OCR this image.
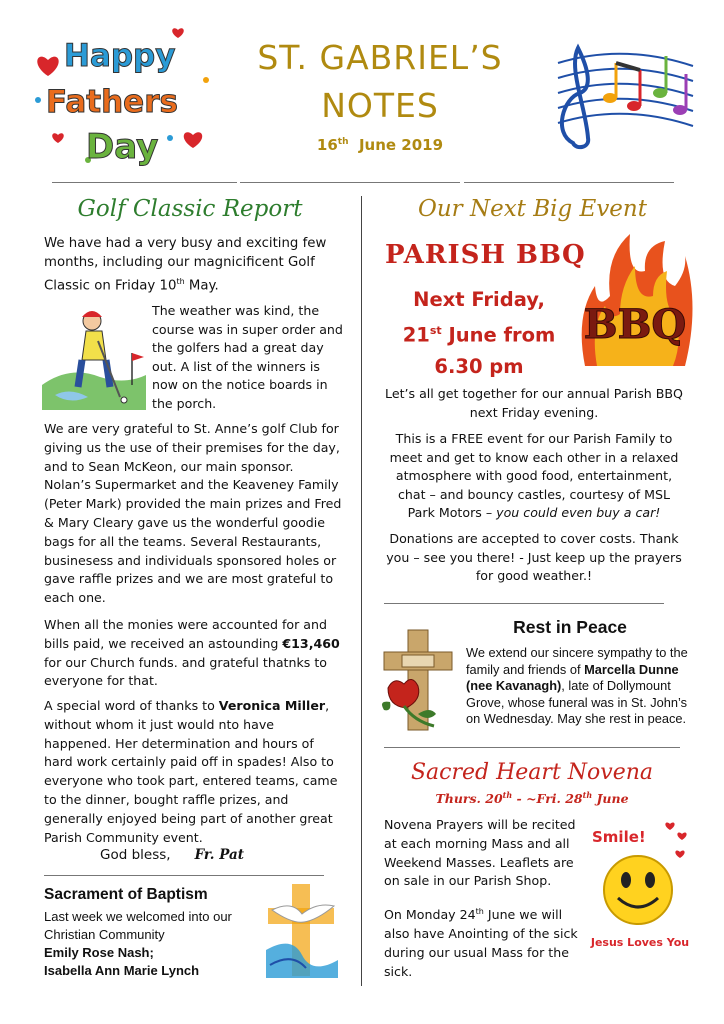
Happy
Fathers
Day
ST. GABRIEL’S
NOTES
16th June 2019
Golf Classic Report
We have had a very busy and exciting few months, including our magnicificent Golf Classic on Friday 10th May.
The weather was kind, the course was in super order and the golfers had a great day out. A list of the winners is now on the notice boards in the porch.
We are very grateful to St. Anne’s golf Club for giving us the use of their premises for the day, and to Sean McKeon, our main sponsor. Nolan’s Supermarket and the Keaveney Family (Peter Mark) provided the main prizes and Fred & Mary Cleary gave us the wonderful goodie bags for all the teams. Several Restaurants, businesess and individuals sponsored holes or gave raffle prizes and we are most grateful to each one.
When all the monies were accounted for and bills paid, we received an astounding €13,460 for our Church funds. and grateful thatnks to everyone for that.
A special word of thanks to Veronica Miller, without whom it just would nto have happened. Her determination and hours of hard work certainly paid off in spades! Also to everyone who took part, entered teams, came to the dinner, bought raffle prizes, and generally enjoyed being part of another great Parish Community event.
God bless, Fr. Pat
Sacrament of Baptism
Last week we welcomed into our Christian Community
Emily Rose Nash;
Isabella Ann Marie Lynch
Our Next Big Event
PARISH BBQ
BBQ
Next Friday,
21st June from
6.30 pm
Let’s all get together for our annual Parish BBQ next Friday evening.
This is a FREE event for our Parish Family to meet and get to know each other in a relaxed atmosphere with good food, entertainment, chat – and bouncy castles, courtesy of MSL Park Motors – you could even buy a car!
Donations are accepted to cover costs. Thank you – see you there! - Just keep up the prayers for good weather.!
Rest in Peace
We extend our sincere sympathy to the family and friends of Marcella Dunne (nee Kavanagh), late of Dollymount Grove, whose funeral was in St. John’s on Wednesday. May she rest in peace.
Sacred Heart Novena
Thurs. 20th - ~Fri. 28th June
Novena Prayers will be recited at each morning Mass and all Weekend Masses. Leaflets are on sale in our Parish Shop.
On Monday 24th June we will also have Anointing of the sick during our usual Mass for the sick.
Smile!
Jesus Loves You
